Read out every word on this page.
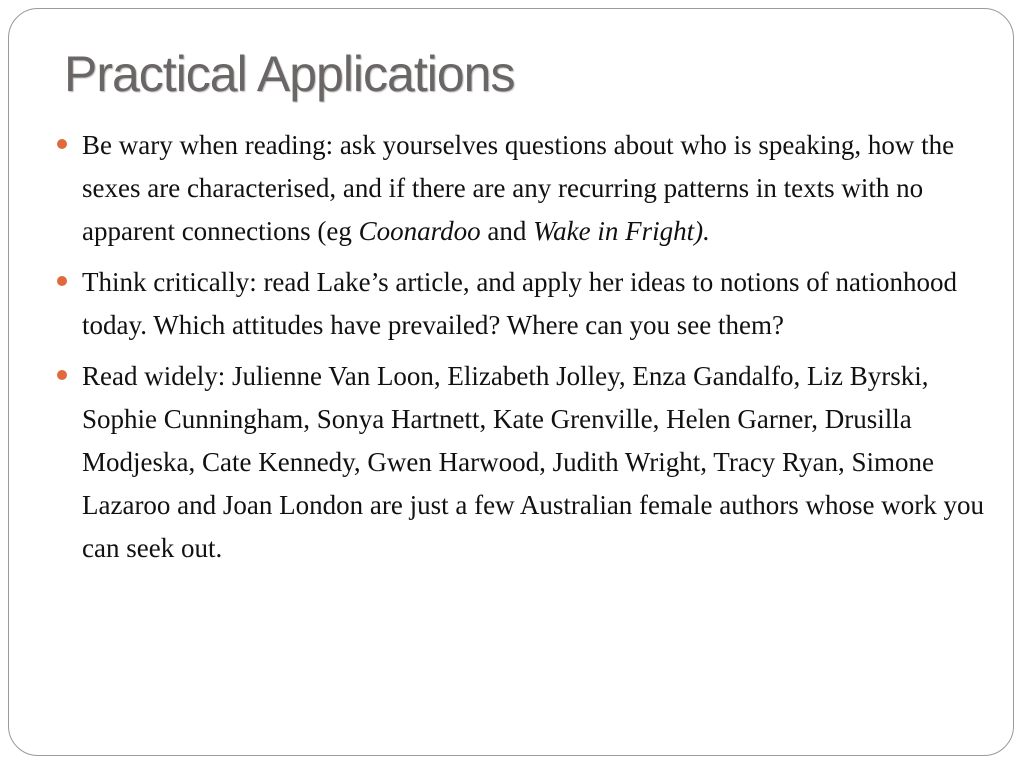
Practical Applications
Be wary when reading: ask yourselves questions about who is speaking, how the sexes are characterised, and if there are any recurring patterns in texts with no apparent connections (eg Coonardoo and Wake in Fright).
Think critically: read Lake’s article, and apply her ideas to notions of nationhood today. Which attitudes have prevailed? Where can you see them?
Read widely: Julienne Van Loon, Elizabeth Jolley, Enza Gandalfo, Liz Byrski, Sophie Cunningham, Sonya Hartnett, Kate Grenville, Helen Garner, Drusilla Modjeska, Cate Kennedy, Gwen Harwood, Judith Wright, Tracy Ryan, Simone Lazaroo and Joan London are just a few Australian female authors whose work you can seek out.
